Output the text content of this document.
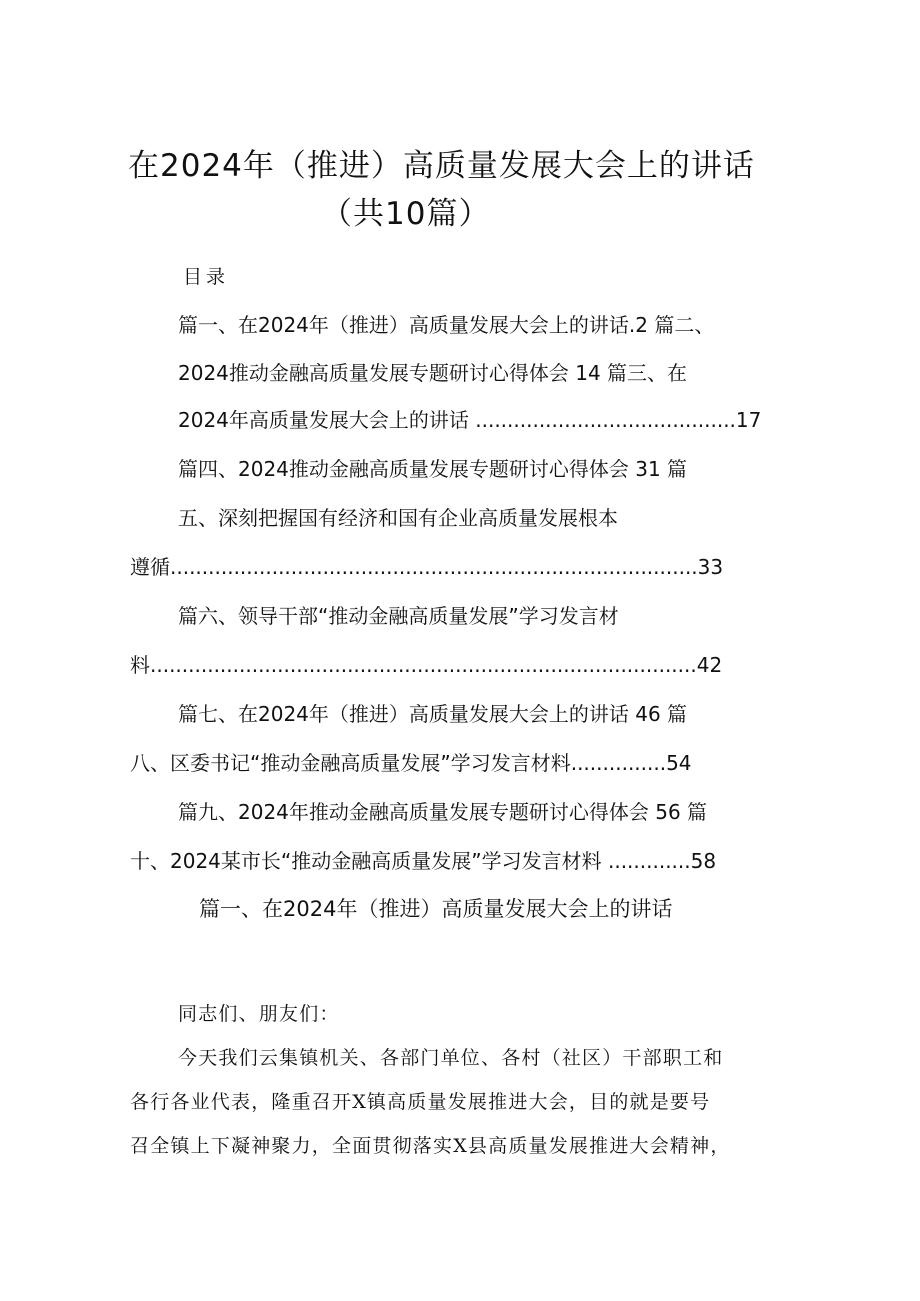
在2024年（推进）高质量发展大会上的讲话
（共10篇）
目录
篇一、在2024年（推进）高质量发展大会上的讲话.2 篇二、
2024推动金融高质量发展专题研讨心得体会 14 篇三、在
2024年高质量发展大会上的讲话 .........................................17
篇四、2024推动金融高质量发展专题研讨心得体会 31 篇
五、深刻把握国有经济和国有企业高质量发展根本
遵循...................................................................................33
篇六、领导干部“推动金融高质量发展”学习发言材
料......................................................................................42
篇七、在2024年（推进）高质量发展大会上的讲话 46 篇
八、区委书记“推动金融高质量发展”学习发言材料...............54
篇九、2024年推动金融高质量发展专题研讨心得体会 56 篇
十、2024某市长“推动金融高质量发展”学习发言材料 .............58
篇一、在2024年（推进）高质量发展大会上的讲话
同志们、朋友们：
今天我们云集镇机关、各部门单位、各村（社区）干部职工和
各行各业代表，隆重召开X镇高质量发展推进大会，目的就是要号
召全镇上下凝神聚力，全面贯彻落实X县高质量发展推进大会精神，
